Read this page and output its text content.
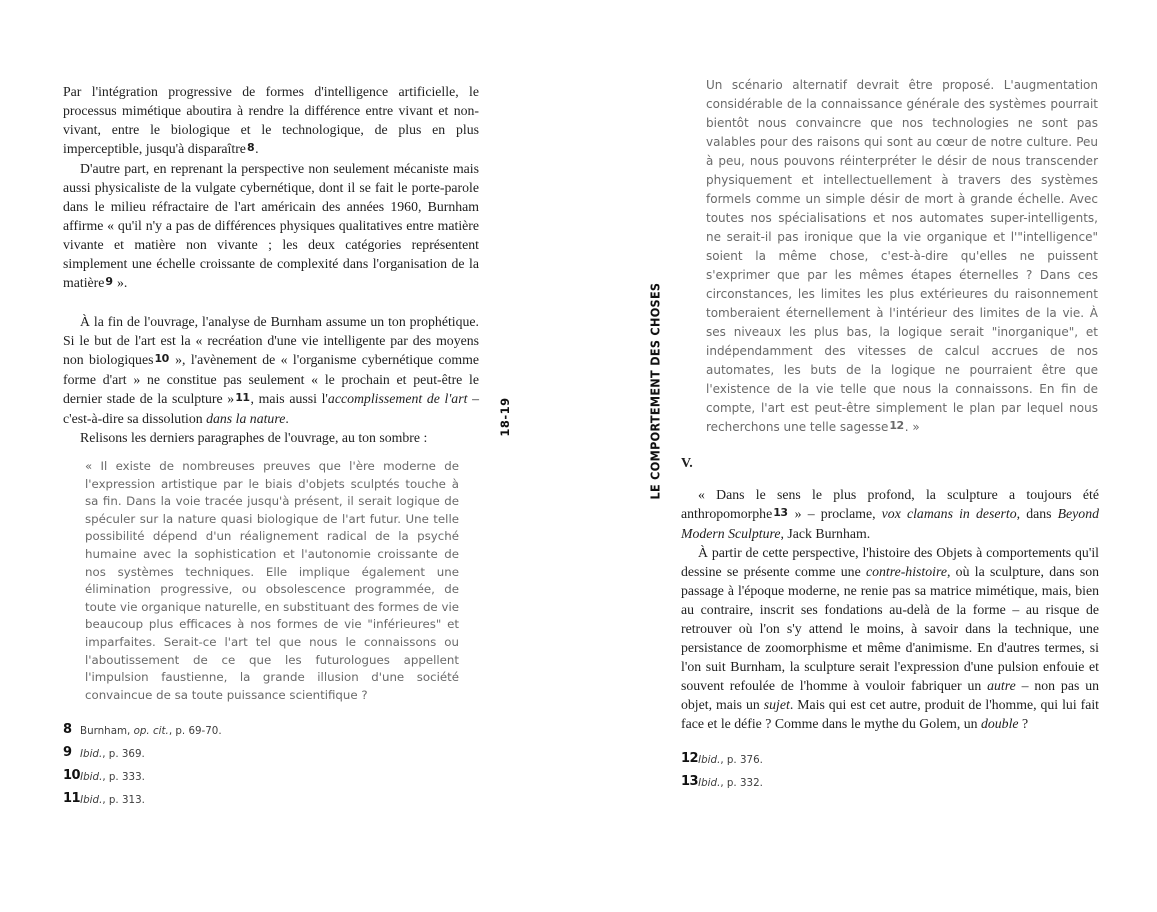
Par l'intégration progressive de formes d'intelligence artificielle, le processus mimétique aboutira à rendre la différence entre vivant et non-vivant, entre le biologique et le technologique, de plus en plus imperceptible, jusqu'à disparaître8.

D'autre part, en reprenant la perspective non seulement mécaniste mais aussi physicaliste de la vulgate cybernétique, dont il se fait le porte-parole dans le milieu réfractaire de l'art américain des années 1960, Burnham affirme « qu'il n'y a pas de différences physiques qualitatives entre matière vivante et matière non vivante ; les deux catégories représentent simplement une échelle croissante de complexité dans l'organisation de la matière9 ».

À la fin de l'ouvrage, l'analyse de Burnham assume un ton prophétique. Si le but de l'art est la « recréation d'une vie intelligente par des moyens non biologiques10 », l'avènement de « l'organisme cybernétique comme forme d'art » ne constitue pas seulement « le prochain et peut-être le dernier stade de la sculpture »11, mais aussi l'accomplissement de l'art – c'est-à-dire sa dissolution dans la nature.

Relisons les derniers paragraphes de l'ouvrage, au ton sombre :

« Il existe de nombreuses preuves que l'ère moderne de l'expression artistique par le biais d'objets sculptés touche à sa fin. Dans la voie tracée jusqu'à présent, il serait logique de spéculer sur la nature quasi biologique de l'art futur. Une telle possibilité dépend d'un réalignement radical de la psyché humaine avec la sophistication et l'autonomie croissante de nos systèmes techniques. Elle implique également une élimination progressive, ou obsolescence programmée, de toute vie organique naturelle, en substituant des formes de vie beaucoup plus efficaces à nos formes de vie "inférieures" et imparfaites. Serait-ce l'art tel que nous le connaissons ou l'aboutissement de ce que les futurologues appellent l'impulsion faustienne, la grande illusion d'une société convaincue de sa toute puissance scientifique ?
8 Burnham, op. cit., p. 69-70.
9 Ibid., p. 369.
10 Ibid., p. 333.
11 Ibid., p. 313.
18-19	LE COMPORTEMENT DES CHOSES
Un scénario alternatif devrait être proposé. L'augmentation considérable de la connaissance générale des systèmes pourrait bientôt nous convaincre que nos technologies ne sont pas valables pour des raisons qui sont au cœur de notre culture. Peu à peu, nous pouvons réinterpréter le désir de nous transcender physiquement et intellectuellement à travers des systèmes formels comme un simple désir de mort à grande échelle. Avec toutes nos spécialisations et nos automates super-intelligents, ne serait-il pas ironique que la vie organique et l'"intelligence" soient la même chose, c'est-à-dire qu'elles ne puissent s'exprimer que par les mêmes étapes éternelles ? Dans ces circonstances, les limites les plus extérieures du raisonnement tomberaient éternellement à l'intérieur des limites de la vie. À ses niveaux les plus bas, la logique serait "inorganique", et indépendamment des vitesses de calcul accrues de nos automates, les buts de la logique ne pourraient être que l'existence de la vie telle que nous la connaissons. En fin de compte, l'art est peut-être simplement le plan par lequel nous recherchons une telle sagesse12. »

V.

« Dans le sens le plus profond, la sculpture a toujours été anthropomorphe13 » – proclame, vox clamans in deserto, dans Beyond Modern Sculpture, Jack Burnham.

À partir de cette perspective, l'histoire des Objets à comportements qu'il dessine se présente comme une contre-histoire, où la sculpture, dans son passage à l'époque moderne, ne renie pas sa matrice mimétique, mais, bien au contraire, inscrit ses fondations au-delà de la forme – au risque de retrouver où l'on s'y attend le moins, à savoir dans la technique, une persistance de zoomorphisme et même d'animisme. En d'autres termes, si l'on suit Burnham, la sculpture serait l'expression d'une pulsion enfouie et souvent refoulée de l'homme à vouloir fabriquer un autre – non pas un objet, mais un sujet. Mais qui est cet autre, produit de l'homme, qui lui fait face et le défie ? Comme dans le mythe du Golem, un double ?

12 Ibid., p. 376.
13 Ibid., p. 332.
